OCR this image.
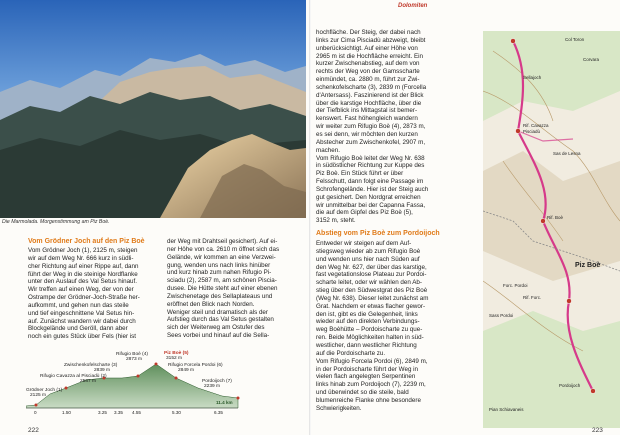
Die Marmolada. Morgenstimmung am Piz Boè.
Dolomiten
Vom Grödner Joch auf den Piz Boè

Vom Grödner Joch (1), 2125 m, steigen

wir auf dem Weg Nr. 666 kurz in südli-

cher Richtung auf einer Rippe auf, dann

führt der Weg in die steinige Nordflanke

unter den Auslauf des Val Setus hinauf.

Wir treffen auf einen Weg, der von der

Ostrampe der Grödner-Joch-Straße her-

aufkommt, und gehen nun das steile

und tief eingeschnittene Val Setus hin-

auf. Zunächst wandern wir dabei durch

Blockgelände und Geröll, dann aber

noch ein gutes Stück über Fels (hier ist

der Weg mit Drahtseil gesichert). Auf ei-

ner Höhe von ca. 2610 m öffnet sich das

Gelände, wir kommen an eine Verzwei-

gung, wenden uns nach links hinüber

und kurz hinab zum nahen Rifugio Pi-

sciadu (2), 2587 m, am schönen Piscia-

dusee. Die Hütte steht auf einer ebenen

Zwischenetage des Sellaplateaus und

eröffnet den Blick nach Norden.

Weniger steil und dramatisch als der

Aufstieg durch das Val Setus gestalten

sich der Weiterweg am Ostufer des

Sees vorbei und hinauf auf die Sella-

Rifugio Boè (4)
2873 m
Piz Boè (5)
3152 m
Zwischenkofelscharte (3)
2839 m
Rifugio Forcela Pordoi (6)
2849 m
Rifugio Cavazza al Pisciadù (2)
2587 m	Pordoijoch (7)
2239 m
Grödner Joch (1)
2125 m
0	1.50	3.25 3.35 4.55	5.30	6.35
11.4 km
222

hochfläche. Der Steig, der dabei nach

links zur Cima Pisciadù abzweigt, bleibt

unberücksichtigt. Auf einer Höhe von

2965 m ist die Hochfläche erreicht. Ein

kurzer Zwischenabstieg, auf dem von

rechts der Weg von der Gamsscharte

einmündet, ca. 2880 m, führt zur Zwi-

schenkofelscharte (3), 2839 m (Forcella

d'Antersass). Faszinierend ist der Blick

über die karstige Hochfläche, über die

der Tiefblick ins Mittagstal ist bemer-

kenswert. Fast höhengleich wandern

wir weiter zum Rifugio Boè (4), 2873 m,

es sei denn, wir möchten den kurzen

Abstecher zum Zwischenkofel, 2907 m,

machen.

Vom Rifugio Boè leitet der Weg Nr. 638

in südöstlicher Richtung zur Kuppe des

Piz Boè. Ein Stück führt er über

Felsschutt, dann folgt eine Passage im

Schrofengelände. Hier ist der Steig auch

gut gesichert. Den Nordgrat erreichen

wir unmittelbar bei der Capanna Fassa,

die auf dem Gipfel des Piz Boè (5),

3152 m, steht.

Abstieg vom Piz Boè zum Pordoijoch

Entweder wir steigen auf dem Auf-

stiegsweg wieder ab zum Rifugio Boè

und wenden uns hier nach Süden auf

den Weg Nr. 627, der über das karstige,

fast vegetationslose Plateau zur Pordoi-

scharte leitet, oder wir wählen den Ab-

stieg über den Südwestgrat des Piz Boè

(Weg Nr. 638). Dieser leitet zunächst am

Grat. Nachdem er etwas flacher gewor-

den ist, gibt es die Gelegenheit, links

wieder auf den direkten Verbindungs-

weg Boèhütte – Pordoischarte zu que-

ren. Beide Möglichkeiten halten in süd-

westlicher, dann westlicher Richtung

auf die Pordoischarte zu.

Vom Rifugio Forcela Pordoi (6), 2849 m,

in der Pordoischarte führt der Weg in

vielen flach angelegten Serpentinen

links hinab zum Pordoijoch (7), 2239 m,

und überwindet so die steile, bald

blumenreiche Flanke ohne besondere

Schwierigkeiten.

Col Toron
Sellajoch
Rif. Cavazza
Pisciadù
Sas de Lesna
Rif. Boè
Piz Boè
Forc. Pordoi
Rif. Forc.
Sass Pordoi
Pordoijoch
Pian Schiavaneis
Corvara
223
